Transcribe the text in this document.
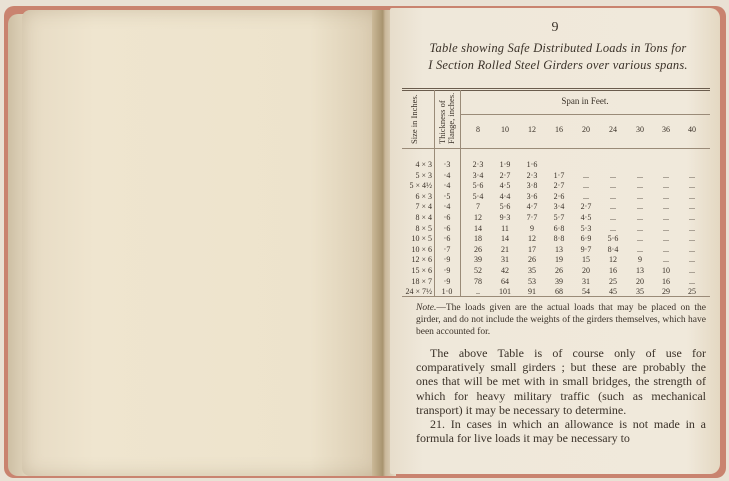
9
Table showing Safe Distributed Loads in Tons for
I Section Rolled Steel Girders over various spans.
Size in Inches. Thickness of Flange, inches.	Span in Feet.
8	10	12	16	20	24	30	36	40
4 × 3	·3	2·3	1·9	1·6
5 × 3	·4	3·4	2·7	2·3	1·7	...	...	...	...	...
5 × 4½	·4	5·6	4·5	3·8	2·7	...	...	...	...	...
6 × 3	·5	5·4	4·4	3·6	2·6	...	...	...	...	...
7 × 4	·4	7	5·6	4·7	3·4	2·7	...	...	...	...
8 × 4	·6	12	9·3	7·7	5·7	4·5	...	...	...	...
8 × 5	·6	14	11	9	6·8	5·3	...	...	...	...
10 × 5	·6	18	14	12	8·8	6·9	5·6	...	...	...
10 × 6	·7	26	21	17	13	9·7	8·4	...	...	...
12 × 6	·9	39	31	26	19	15	12	9	...	...
15 × 6	·9	52	42	35	26	20	16	13	10	...
18 × 7	·9	78	64	53	39	31	25	20	16	...
24 × 7½	1·0	..	101	91	68	54	45	35	29	25
Note.—The loads given are the actual loads that may be placed on the girder, and do not include the weights of the girders themselves, which have been accounted for.
The above Table is of course only of use for comparatively small girders ; but these are probably the ones that will be met with in small bridges, the strength of which for heavy military traffic (such as mechanical transport) it may be necessary to determine.
21. In cases in which an allowance is not made in a formula for live loads it may be necessary to
